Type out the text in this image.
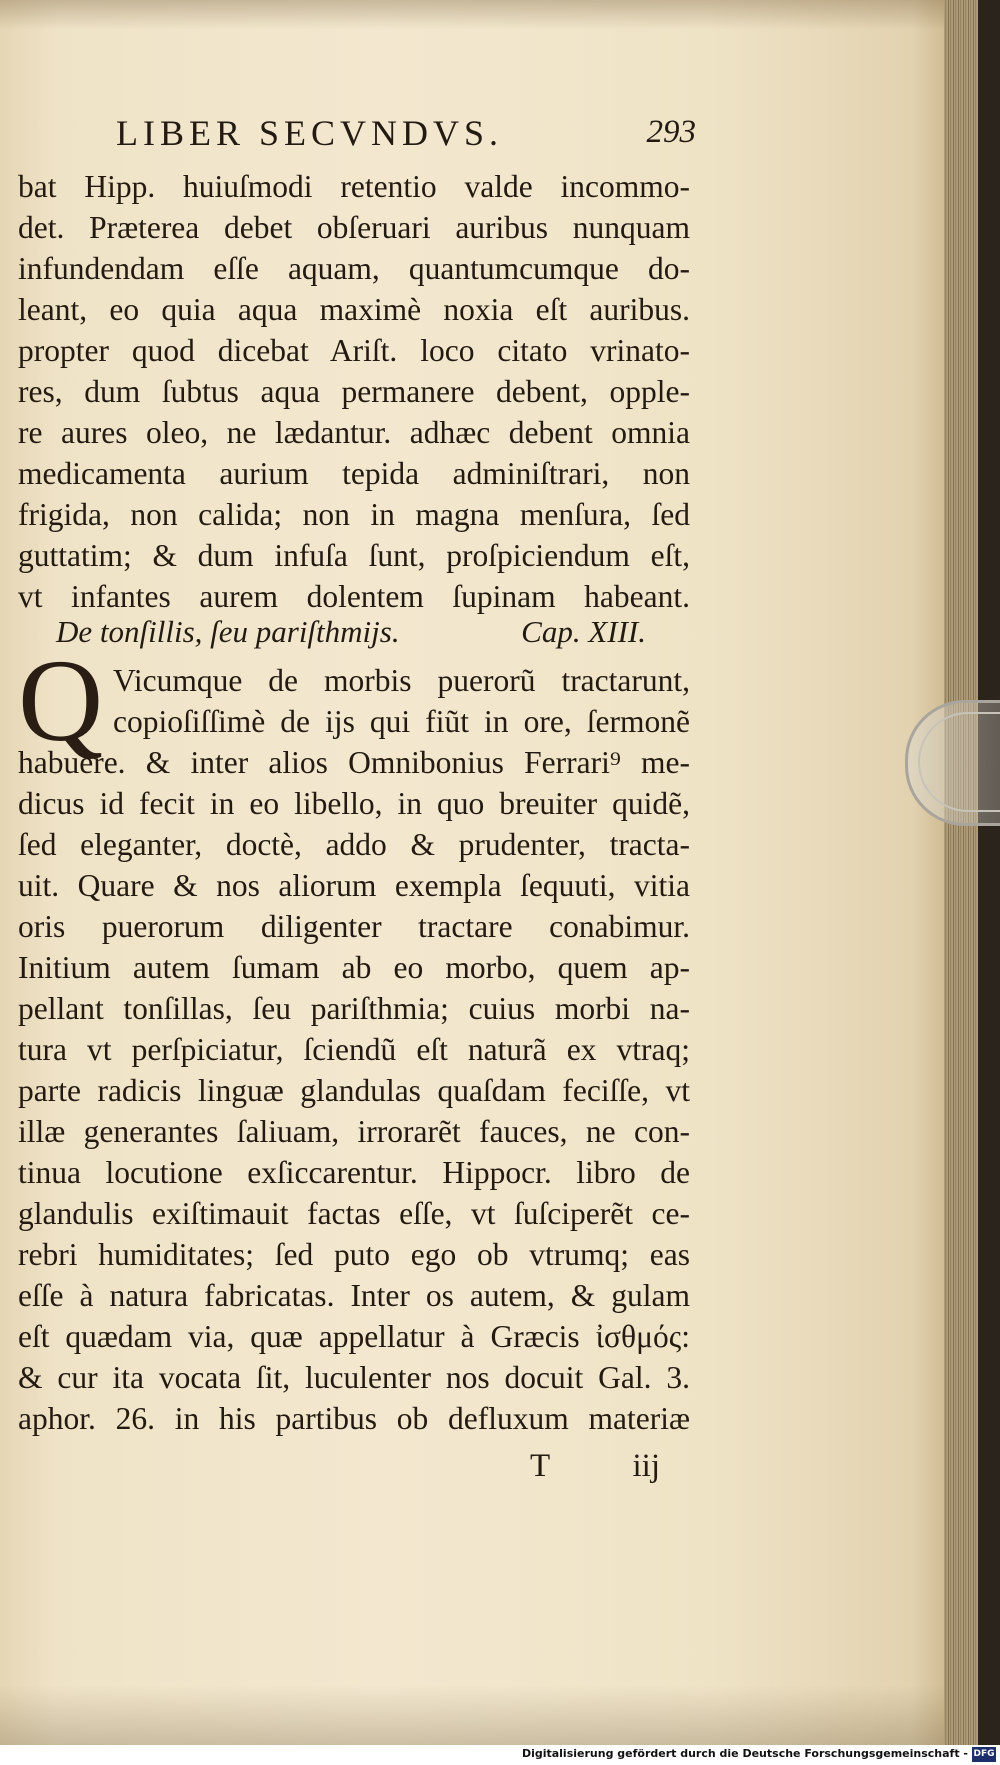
LIBER SECVNDVS.	293
bat Hipp. huiuſmodi retentio valde incommo-
det. Præterea debet obſeruari auribus nunquam
infundendam eſſe aquam, quantumcumque do-
leant, eo quia aqua maximè noxia eſt auribus.
propter quod dicebat Ariſt. loco citato vrinato-
res, dum ſubtus aqua permanere debent, opple-
re aures oleo, ne lædantur. adhæc debent omnia
medicamenta aurium tepida adminiſtrari, non
frigida, non calida; non in magna menſura, ſed
guttatim; & dum infuſa ſunt, proſpiciendum eſt,
vt infantes aurem dolentem ſupinam habeant.
De tonſillis, ſeu pariſthmijs.	Cap. XIII.
Q Vicumque de morbis puerorũ tractarunt,
copioſiſſimè de ijs qui fiũt in ore, ſermonẽ
habuere. & inter alios Omnibonius Ferrari⁹ me-
dicus id fecit in eo libello, in quo breuiter quidẽ,
ſed eleganter, doctè, addo & prudenter, tracta-
uit. Quare & nos aliorum exempla ſequuti, vitia
oris puerorum diligenter tractare conabimur.
Initium autem ſumam ab eo morbo, quem ap-
pellant tonſillas, ſeu pariſthmia; cuius morbi na-
tura vt perſpiciatur, ſciendũ eſt naturã ex vtraq;
parte radicis linguæ glandulas quaſdam feciſſe, vt
illæ generantes ſaliuam, irrorarẽt fauces, ne con-
tinua locutione exſiccarentur. Hippocr. libro de
glandulis exiſtimauit factas eſſe, vt ſuſciperẽt ce-
rebri humiditates; ſed puto ego ob vtrumq; eas
eſſe à natura fabricatas. Inter os autem, & gulam
eſt quædam via, quæ appellatur à Græcis ἰσθμός:
& cur ita vocata ſit, luculenter nos docuit Gal. 3.
aphor. 26. in his partibus ob defluxum materiæ
T iij
Digitalisierung gefördert durch die Deutsche Forschungsgemeinschaft - DFG
